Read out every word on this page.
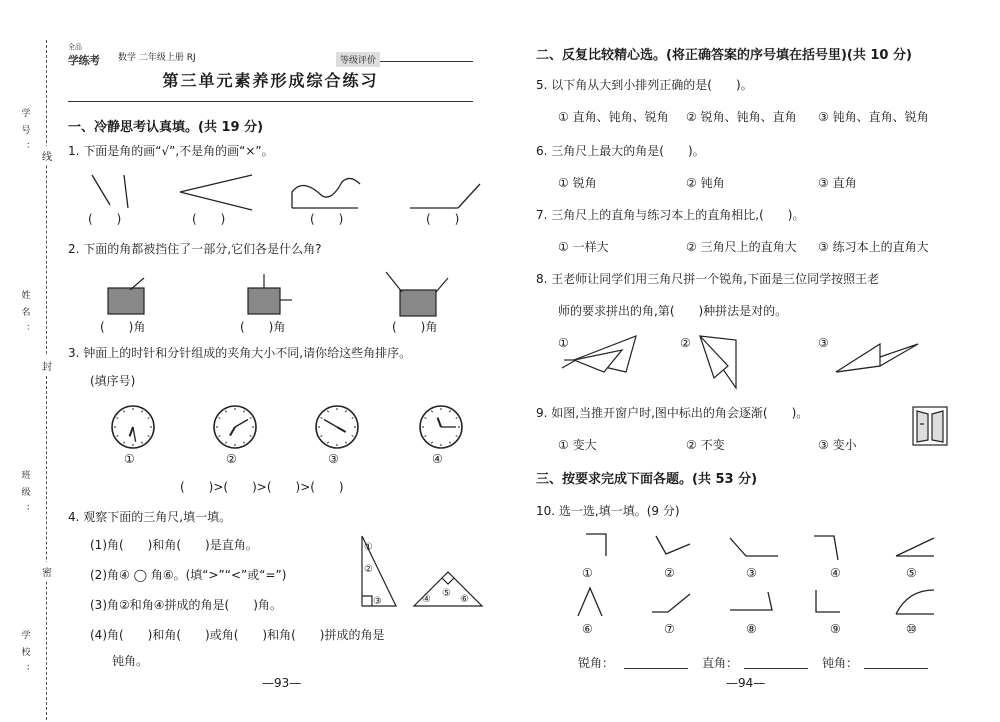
学号：
姓名：
班级：
学校：
线
封
密
全品
学练考	数学 二年级上册 RJ	等级评价
第三单元素养形成综合练习
一、冷静思考认真填。(共 19 分)
1. 下面是角的画“√”,不是角的画“×”。
(　　)	(　　)	(　　)	(　　)
2. 下面的角都被挡住了一部分,它们各是什么角?
(　　)角	(　　)角	(　　)角
3. 钟面上的时针和分针组成的夹角大小不同,请你给这些角排序。
(填序号)
①	②	③	④
(　　)>(　　)>(　　)>(　　)
4. 观察下面的三角尺,填一填。
(1)角(　　)和角(　　)是直角。
(2)角④ ◯ 角⑥。(填“>”“<”或“=”)
(3)角②和角④拼成的角是(　　)角。
(4)角(　　)和角(　　)或角(　　)和角(　　)拼成的角是
钝角。
①
②
③	④
⑤
⑥
—93—
二、反复比较精心选。(将正确答案的序号填在括号里)(共 10 分)
5. 以下角从大到小排列正确的是(　　)。
① 直角、钝角、锐角 ② 锐角、钝角、直角 ③ 钝角、直角、锐角
6. 三角尺上最大的角是(　　)。
① 锐角	② 钝角	③ 直角
7. 三角尺上的直角与练习本上的直角相比,(　　)。
① 一样大	② 三角尺上的直角大 ③ 练习本上的直角大
8. 王老师让同学们用三角尺拼一个锐角,下面是三位同学按照王老
师的要求拼出的角,第(　　)种拼法是对的。
①	②	③
9. 如图,当推开窗户时,图中标出的角会逐渐(　　)。
① 变大	② 不变	③ 变小
三、按要求完成下面各题。(共 53 分)
10. 选一选,填一填。(9 分)
①	②	③	④	⑤
⑥	⑦	⑧	⑨	⑩
锐角：	直角：	钝角：
—94—
